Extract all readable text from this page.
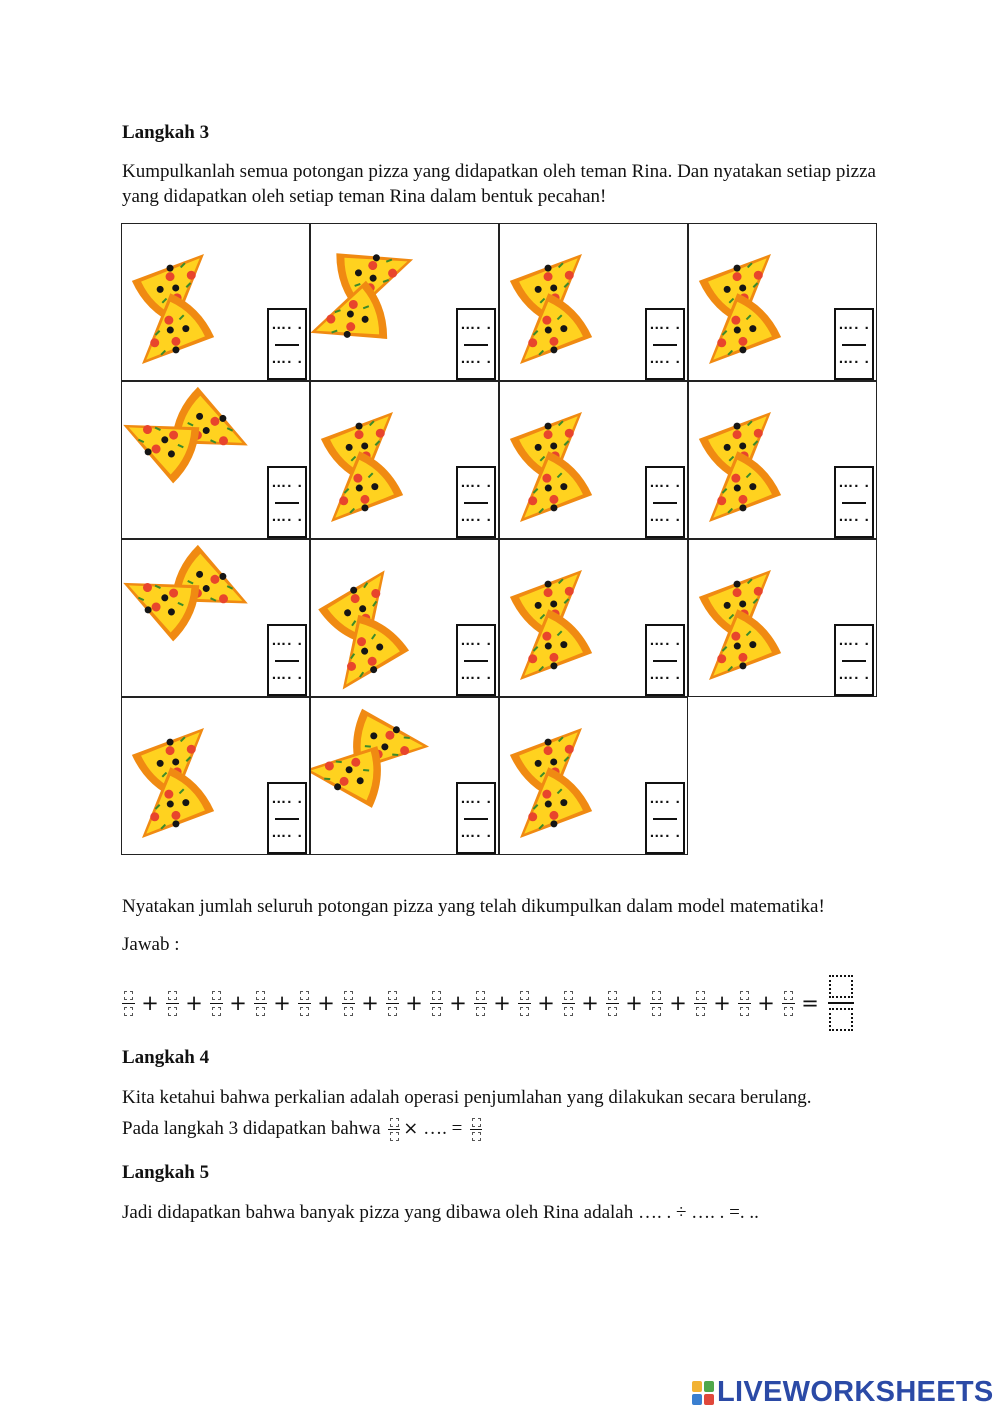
Langkah 3
Kumpulkanlah semua potongan pizza yang didapatkan oleh teman Rina. Dan nyatakan setiap pizza yang didapatkan oleh setiap teman Rina dalam bentuk pecahan!
…. .
…. .
…. .
…. .
…. .
…. .
…. .
…. .
…. .
…. .
…. .
…. .
…. .
…. .
…. .
…. .
…. .
…. .
…. .
…. .
…. .
…. .
…. .
…. .
…. .
…. .
…. .
…. .
…. .
…. .
Nyatakan jumlah seluruh potongan pizza yang telah dikumpulkan dalam model matematika!
Jawab :
+ + + + + + + + + + + + + + + =
Langkah 4
Kita ketahui bahwa perkalian adalah operasi penjumlahan yang dilakukan secara berulang.
Pada langkah 3 didapatkan bahwa × …. =
Langkah 5
Jadi didapatkan bahwa banyak pizza yang dibawa oleh Rina adalah …. . ÷ …. . =. ..
LIVEWORKSHEETS
